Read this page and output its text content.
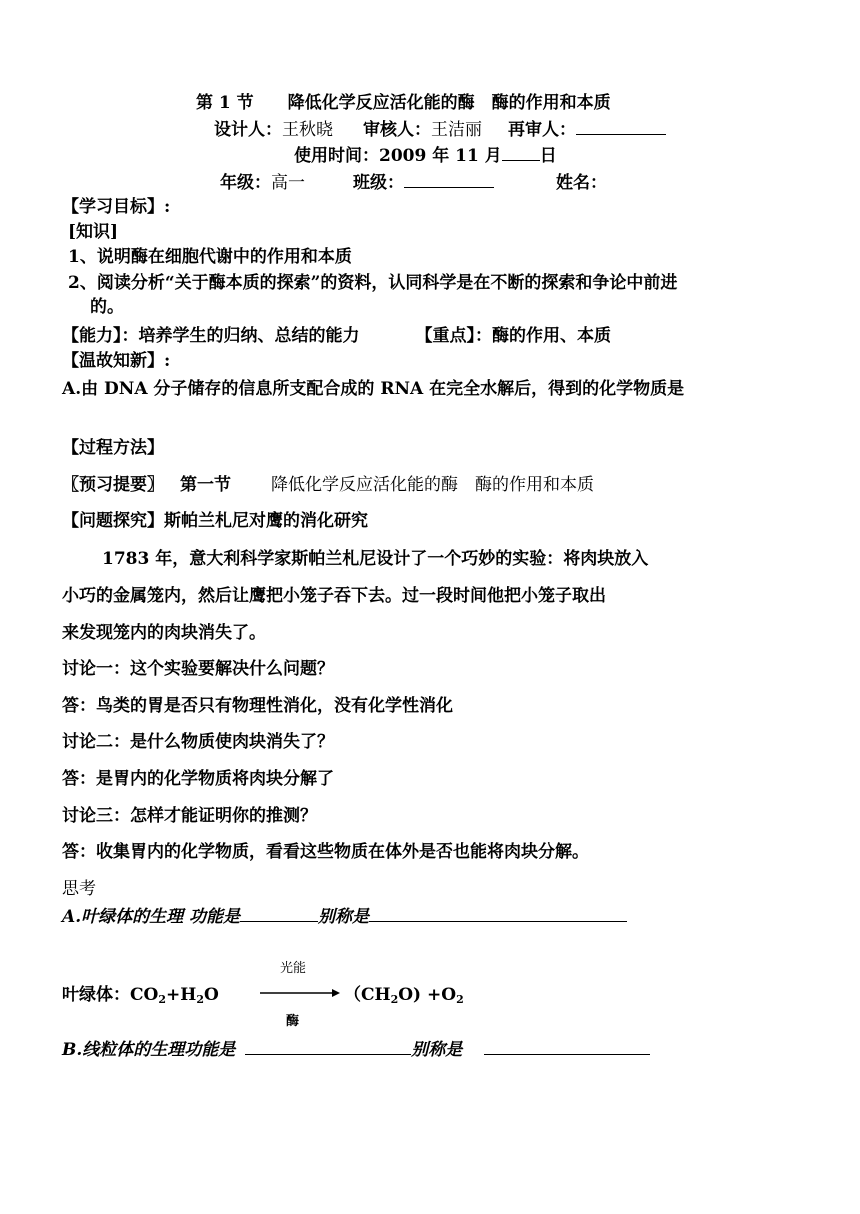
第 1 节 降低化学反应活化能的酶　酶的作用和本质
设计人：王秋晓 审核人：王洁丽 再审人：
使用时间：2009 年 11 月 日
年级：高一	班级：	姓名：
【学习目标】:
[知识]
1、说明酶在细胞代谢中的作用和本质
2、阅读分析“关于酶本质的探索”的资料，认同科学是在不断的探索和争论中前进
的。
【能力】：培养学生的归纳、总结的能力	【重点】：酶的作用、本质
【温故知新】:
A.由 DNA 分子储存的信息所支配合成的 RNA 在完全水解后，得到的化学物质是
【过程方法】
〖预习提要〗 第一节 降低化学反应活化能的酶　酶的作用和本质
【问题探究】斯帕兰札尼对鹰的消化研究
1783 年，意大利科学家斯帕兰札尼设计了一个巧妙的实验：将肉块放入
小巧的金属笼内，然后让鹰把小笼子吞下去。过一段时间他把小笼子取出
来发现笼内的肉块消失了。
讨论一：这个实验要解决什么问题？
答：鸟类的胃是否只有物理性消化，没有化学性消化
讨论二：是什么物质使肉块消失了？
答：是胃内的化学物质将肉块分解了
讨论三：怎样才能证明你的推测？
答：收集胃内的化学物质，看看这些物质在体外是否也能将肉块分解。
思考
A.叶绿体的生理 功能是	别称是
光能
叶绿体：$CO_2+H_2O$	$(CH_2O) +O_2$
酶
B.线粒体的生理功能是	别称是
